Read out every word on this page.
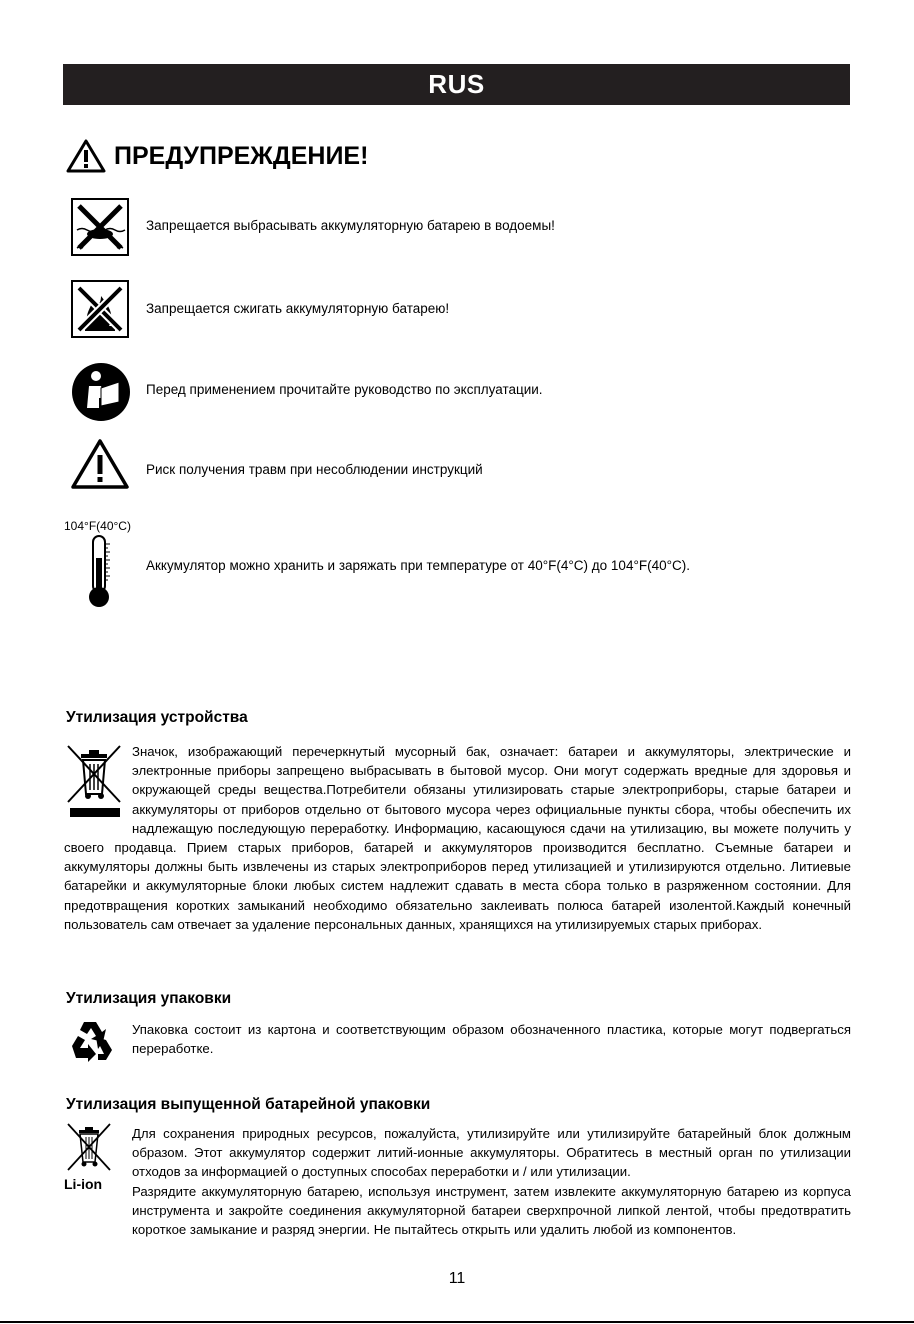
RUS
ПРЕДУПРЕЖДЕНИЕ!
Запрещается выбрасывать аккумуляторную батарею в водоемы!
Запрещается сжигать аккумуляторную батарею!
Перед применением прочитайте руководство по эксплуатации.
Риск получения травм при несоблюдении инструкций
104°F(40°C)
Аккумулятор можно хранить и заряжать при температуре от 40°F(4°C) до 104°F(40°C).
Утилизация устройства
Значок, изображающий перечеркнутый мусорный бак, означает: батареи и аккумуляторы, электрические и электронные приборы запрещено выбрасывать в бытовой мусор. Они могут содержать вредные для здоровья и окружающей среды вещества.Потребители обязаны утилизировать старые электроприборы, старые батареи и аккумуляторы от приборов отдельно от бытового мусора через официальные пункты сбора, чтобы обеспечить их надлежащую последующую переработку. Информацию, касающуюся сдачи на утилизацию, вы можете получить у своего продавца. Прием старых приборов, батарей и аккумуляторов производится бесплатно. Съемные батареи и аккумуляторы должны быть извлечены из старых электроприборов перед утилизацией и утилизируются отдельно. Литиевые батарейки и аккумуляторные блоки любых систем надлежит сдавать в места сбора только в разряженном состоянии. Для предотвращения коротких замыканий необходимо обязательно заклеивать полюса батарей изолентой.Каждый конечный пользователь сам отвечает за удаление персональных данных, хранящихся на утилизируемых старых приборах.
Утилизация упаковки
Упаковка состоит из картона и соответствующим образом обозначенного пластика, которые могут подвергаться переработке.
Утилизация выпущенной батарейной упаковки
Li-ion

Для сохранения природных ресурсов, пожалуйста, утилизируйте или утилизируйте батарейный блок должным образом. Этот аккумулятор содержит литий-ионные аккумуляторы. Обратитесь в местный орган по утилизации отходов за информацией о доступных способах переработки и / или утилизации.

Разрядите аккумуляторную батарею, используя инструмент, затем извлеките аккумуляторную батарею из корпуса инструмента и закройте соединения аккумуляторной батареи сверхпрочной липкой лентой, чтобы предотвратить короткое замыкание и разряд энергии. Не пытайтесь открыть или удалить любой из компонентов.

11
